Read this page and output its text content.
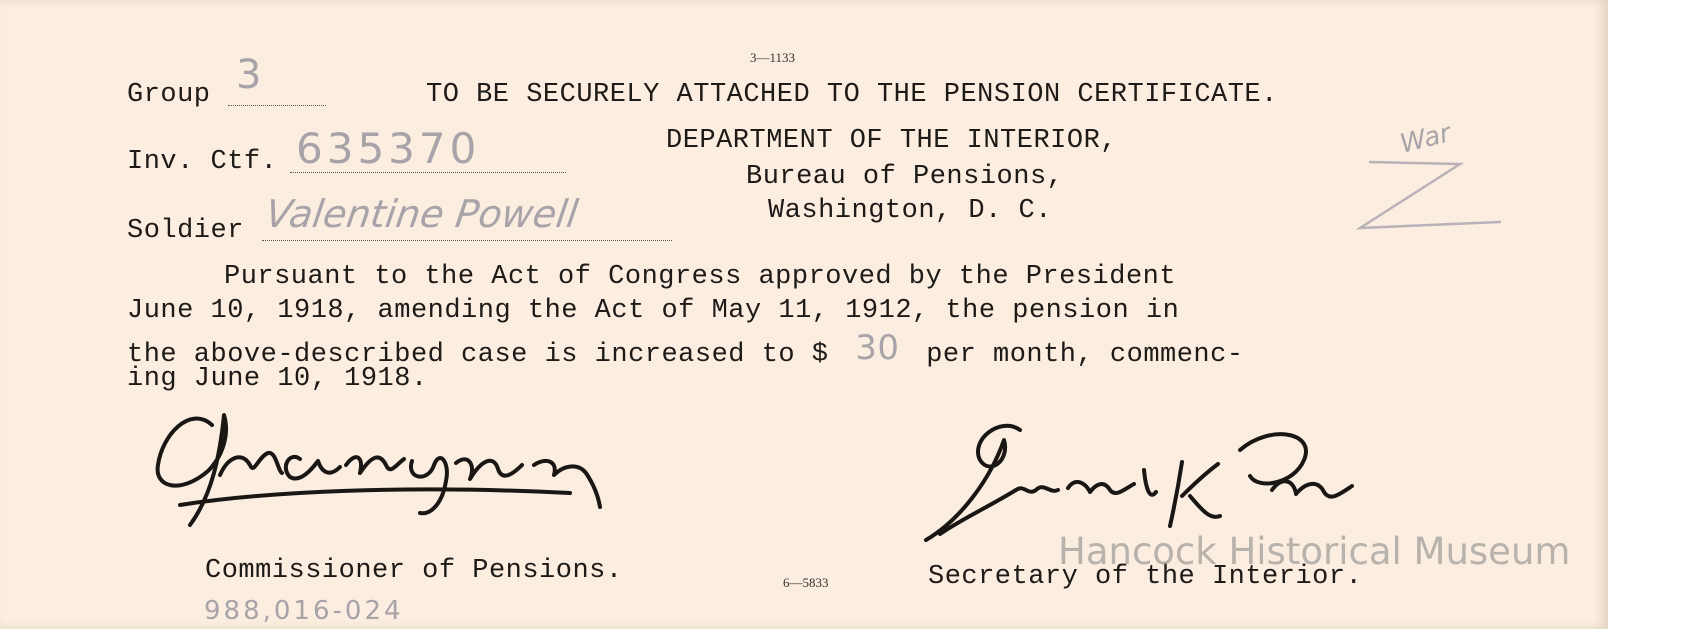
3—1133
Group 3	TO BE SECURELY ATTACHED TO THE PENSION CERTIFICATE.
Inv. Ctf. 635370
Soldier Valentine Powell
DEPARTMENT OF THE INTERIOR,
Bureau of Pensions,
Washington, D. C.
War
Pursuant to the Act of Congress approved by the President
June 10, 1918, amending the Act of May 11, 1912, the pension in
the above-described case is increased to $ 30 per month, commenc-
ing June 10, 1918.
Commissioner of Pensions.	6—5833	Secretary of the Interior.
988,016-024
Hancock Historical Museum
